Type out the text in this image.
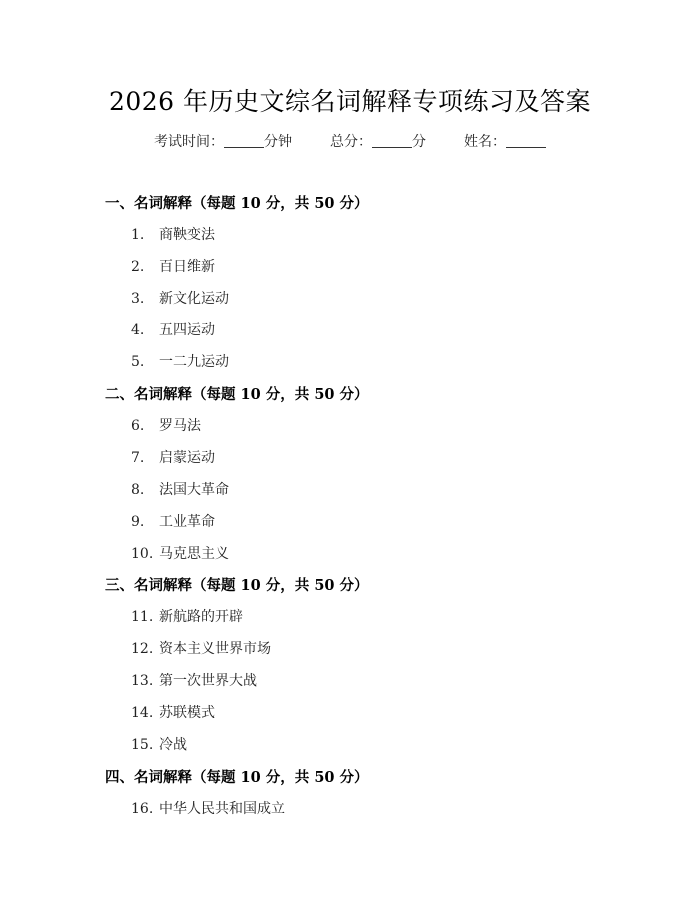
2026 年历史文综名词解释专项练习及答案
考试时间：	分钟	总分：	分	姓名：
一、名词解释（每题 10 分，共 50 分）
1. 商鞅变法
2. 百日维新
3. 新文化运动
4. 五四运动
5. 一二九运动
二、名词解释（每题 10 分，共 50 分）
6. 罗马法
7. 启蒙运动
8. 法国大革命
9. 工业革命
10. 马克思主义
三、名词解释（每题 10 分，共 50 分）
11. 新航路的开辟
12. 资本主义世界市场
13. 第一次世界大战
14. 苏联模式
15. 冷战
四、名词解释（每题 10 分，共 50 分）
16. 中华人民共和国成立
